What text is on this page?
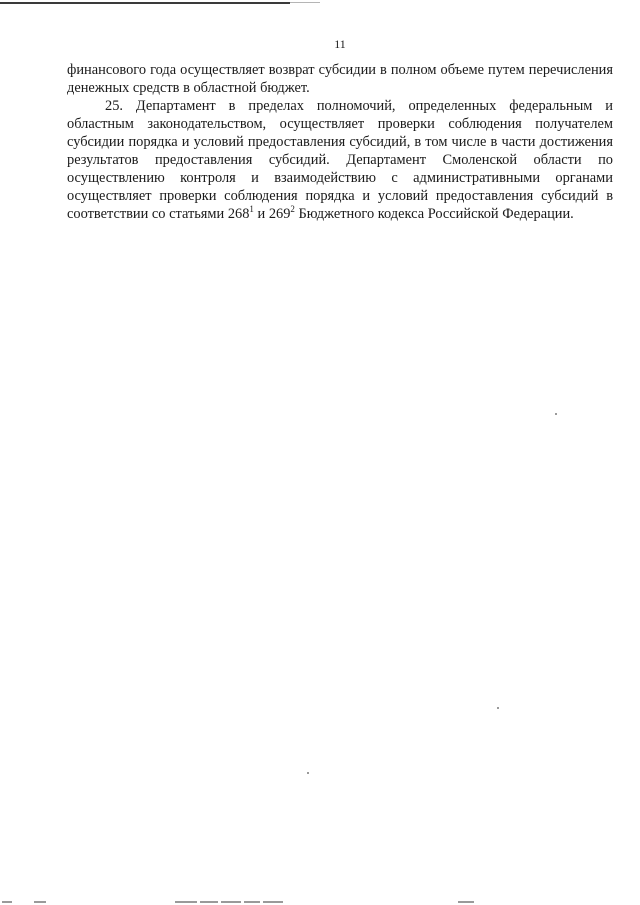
11

финансового года осуществляет возврат субсидии в полном объеме путем перечисления денежных средств в областной бюджет.

25. Департамент в пределах полномочий, определенных федеральным и областным законодательством, осуществляет проверки соблюдения получателем субсидии порядка и условий предоставления субсидий, в том числе в части достижения результатов предоставления субсидий. Департамент Смоленской области по осуществлению контроля и взаимодействию с административными органами осуществляет проверки соблюдения порядка и условий предоставления субсидий в соответствии со статьями $268^1$ и $269^2$ Бюджетного кодекса Российской Федерации.
